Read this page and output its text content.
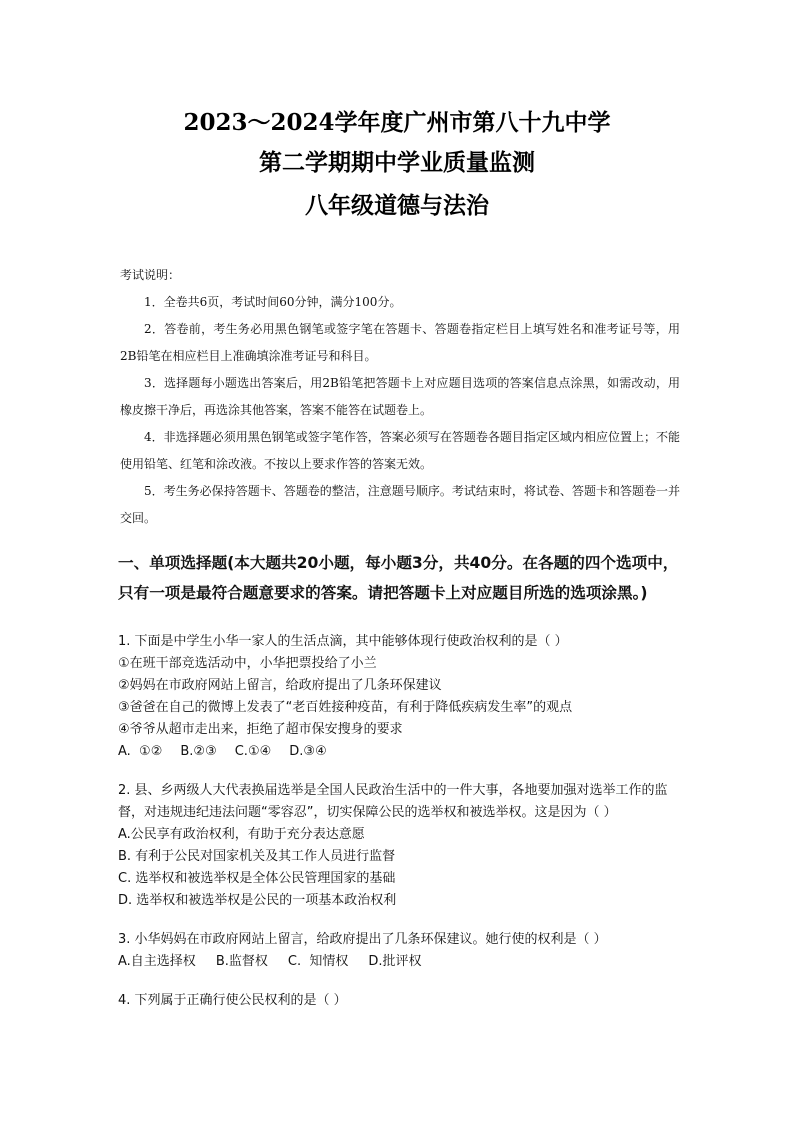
2023～2024学年度广州市第八十九中学
第二学期期中学业质量监测
八年级道德与法治
考试说明：
1．全卷共6页，考试时间60分钟，满分100分。
2．答卷前，考生务必用黑色钢笔或签字笔在答题卡、答题卷指定栏目上填写姓名和准考证号等，用2B铅笔在相应栏目上准确填涂准考证号和科目。
3．选择题每小题选出答案后，用2B铅笔把答题卡上对应题目选项的答案信息点涂黑，如需改动，用橡皮擦干净后，再选涂其他答案，答案不能答在试题卷上。
4．非选择题必须用黑色钢笔或签字笔作答，答案必须写在答题卷各题目指定区域内相应位置上；不能使用铅笔、红笔和涂改液。不按以上要求作答的答案无效。
5．考生务必保持答题卡、答题卷的整洁，注意题号顺序。考试结束时，将试卷、答题卡和答题卷一并交回。
一、单项选择题(本大题共20小题，每小题3分，共40分。在各题的四个选项中，只有一项是最符合题意要求的答案。请把答题卡上对应题目所选的选项涂黑。)
1. 下面是中学生小华一家人的生活点滴，其中能够体现行使政治权利的是（ ）
①在班干部竞选活动中，小华把票投给了小兰
②妈妈在市政府网站上留言，给政府提出了几条环保建议
③爸爸在自己的微博上发表了“老百姓接种疫苗，有利于降低疾病发生率”的观点
④爷爷从超市走出来，拒绝了超市保安搜身的要求
A.  ①② B.②③ C.①④ D.③④
2. 县、乡两级人大代表换届选举是全国人民政治生活中的一件大事，各地要加强对选举工作的监督，对违规违纪违法问题“零容忍”，切实保障公民的选举权和被选举权。这是因为（ ）
A.公民享有政治权利，有助于充分表达意愿
B. 有利于公民对国家机关及其工作人员进行监督
C. 选举权和被选举权是全体公民管理国家的基础
D. 选举权和被选举权是公民的一项基本政治权利
3. 小华妈妈在市政府网站上留言，给政府提出了几条环保建议。她行使的权利是（ ）
A.自主选择权 B.监督权 C.  知情权 D.批评权
4. 下列属于正确行使公民权利的是（ ）
